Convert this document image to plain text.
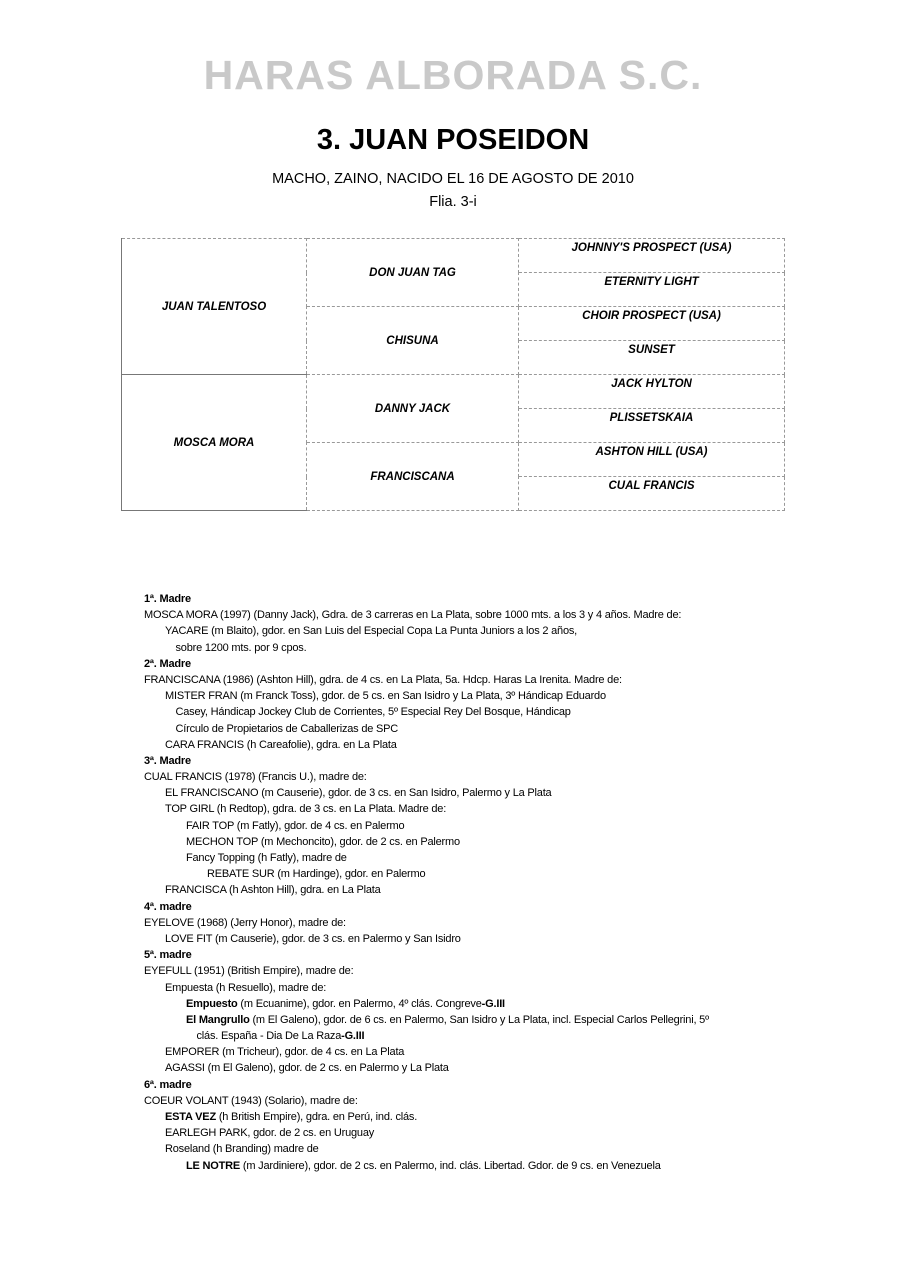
HARAS ALBORADA S.C.
3. JUAN POSEIDON
MACHO, ZAINO, NACIDO EL 16 DE AGOSTO DE 2010
Flia. 3-i
JUAN TALENTOSO	DON JUAN TAG	JOHNNY'S PROSPECT (USA)
		ETERNITY LIGHT
	CHISUNA	CHOIR PROSPECT (USA)
		SUNSET
MOSCA MORA	DANNY JACK	JACK HYLTON
		PLISSETSKAIA
	FRANCISCANA	ASHTON HILL (USA)
		CUAL FRANCIS
1ª. Madre
MOSCA MORA (1997) (Danny Jack), Gdra. de 3 carreras en La Plata, sobre 1000 mts. a los 3 y 4 años. Madre de:
YACARE (m Blaito), gdor. en San Luis del Especial Copa La Punta Juniors a los 2 años,
sobre 1200 mts. por 9 cpos.
2ª. Madre
FRANCISCANA (1986) (Ashton Hill), gdra. de 4 cs. en La Plata, 5a. Hdcp. Haras La Irenita. Madre de:
MISTER FRAN (m Franck Toss), gdor. de 5 cs. en San Isidro y La Plata, 3º Hándicap Eduardo
Casey, Hándicap Jockey Club de Corrientes, 5º Especial Rey Del Bosque, Hándicap
Círculo de Propietarios de Caballerizas de SPC
CARA FRANCIS (h Careafolie), gdra. en La Plata
3ª. Madre
CUAL FRANCIS (1978) (Francis U.), madre de:
EL FRANCISCANO (m Causerie), gdor. de 3 cs. en San Isidro, Palermo y La Plata
TOP GIRL (h Redtop), gdra. de 3 cs. en La Plata. Madre de:
FAIR TOP (m Fatly), gdor. de 4 cs. en Palermo
MECHON TOP (m Mechoncito), gdor. de 2 cs. en Palermo
Fancy Topping (h Fatly), madre de
REBATE SUR (m Hardinge), gdor. en Palermo
FRANCISCA (h Ashton Hill), gdra. en La Plata
4ª. madre
EYELOVE (1968) (Jerry Honor), madre de:
LOVE FIT (m Causerie), gdor. de 3 cs. en Palermo y San Isidro
5ª. madre
EYEFULL (1951) (British Empire), madre de:
Empuesta (h Resuello), madre de:
Empuesto (m Ecuanime), gdor. en Palermo, 4º clás. Congreve-G.III
El Mangrullo (m El Galeno), gdor. de 6 cs. en Palermo, San Isidro y La Plata, incl. Especial Carlos Pellegrini, 5º
clás. España - Dia De La Raza-G.III
EMPORER (m Tricheur), gdor. de 4 cs. en La Plata
AGASSI (m El Galeno), gdor. de 2 cs. en Palermo y La Plata
6ª. madre
COEUR VOLANT (1943) (Solario), madre de:
ESTA VEZ (h British Empire), gdra. en Perú, ind. clás.
EARLEGH PARK, gdor. de 2 cs. en Uruguay
Roseland (h Branding) madre de
LE NOTRE (m Jardiniere), gdor. de 2 cs. en Palermo, ind. clás. Libertad. Gdor. de 9 cs. en Venezuela
